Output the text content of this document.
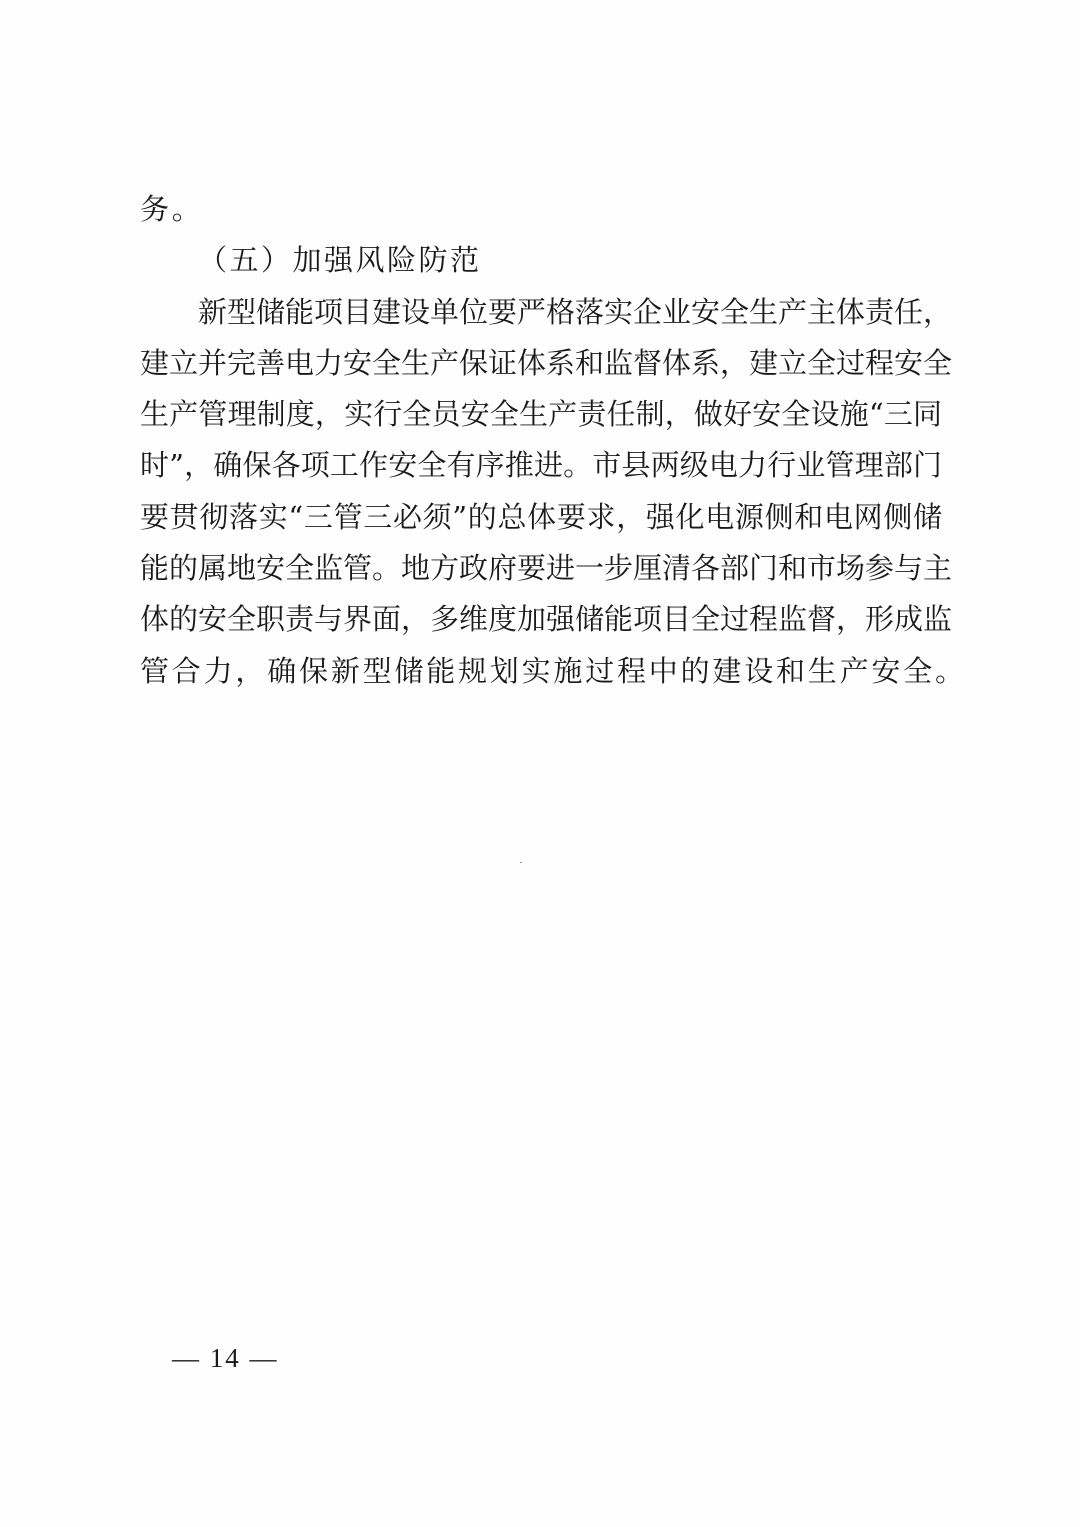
务。
（五）加强风险防范
新型储能项目建设单位要严格落实企业安全生产主体责任，
建立并完善电力安全生产保证体系和监督体系，建立全过程安全
生产管理制度，实行全员安全生产责任制，做好安全设施“三同
时”，确保各项工作安全有序推进。市县两级电力行业管理部门
要贯彻落实“三管三必须”的总体要求，强化电源侧和电网侧储
能的属地安全监管。地方政府要进一步厘清各部门和市场参与主
体的安全职责与界面，多维度加强储能项目全过程监督，形成监
管合力，确保新型储能规划实施过程中的建设和生产安全。
— 14 —
